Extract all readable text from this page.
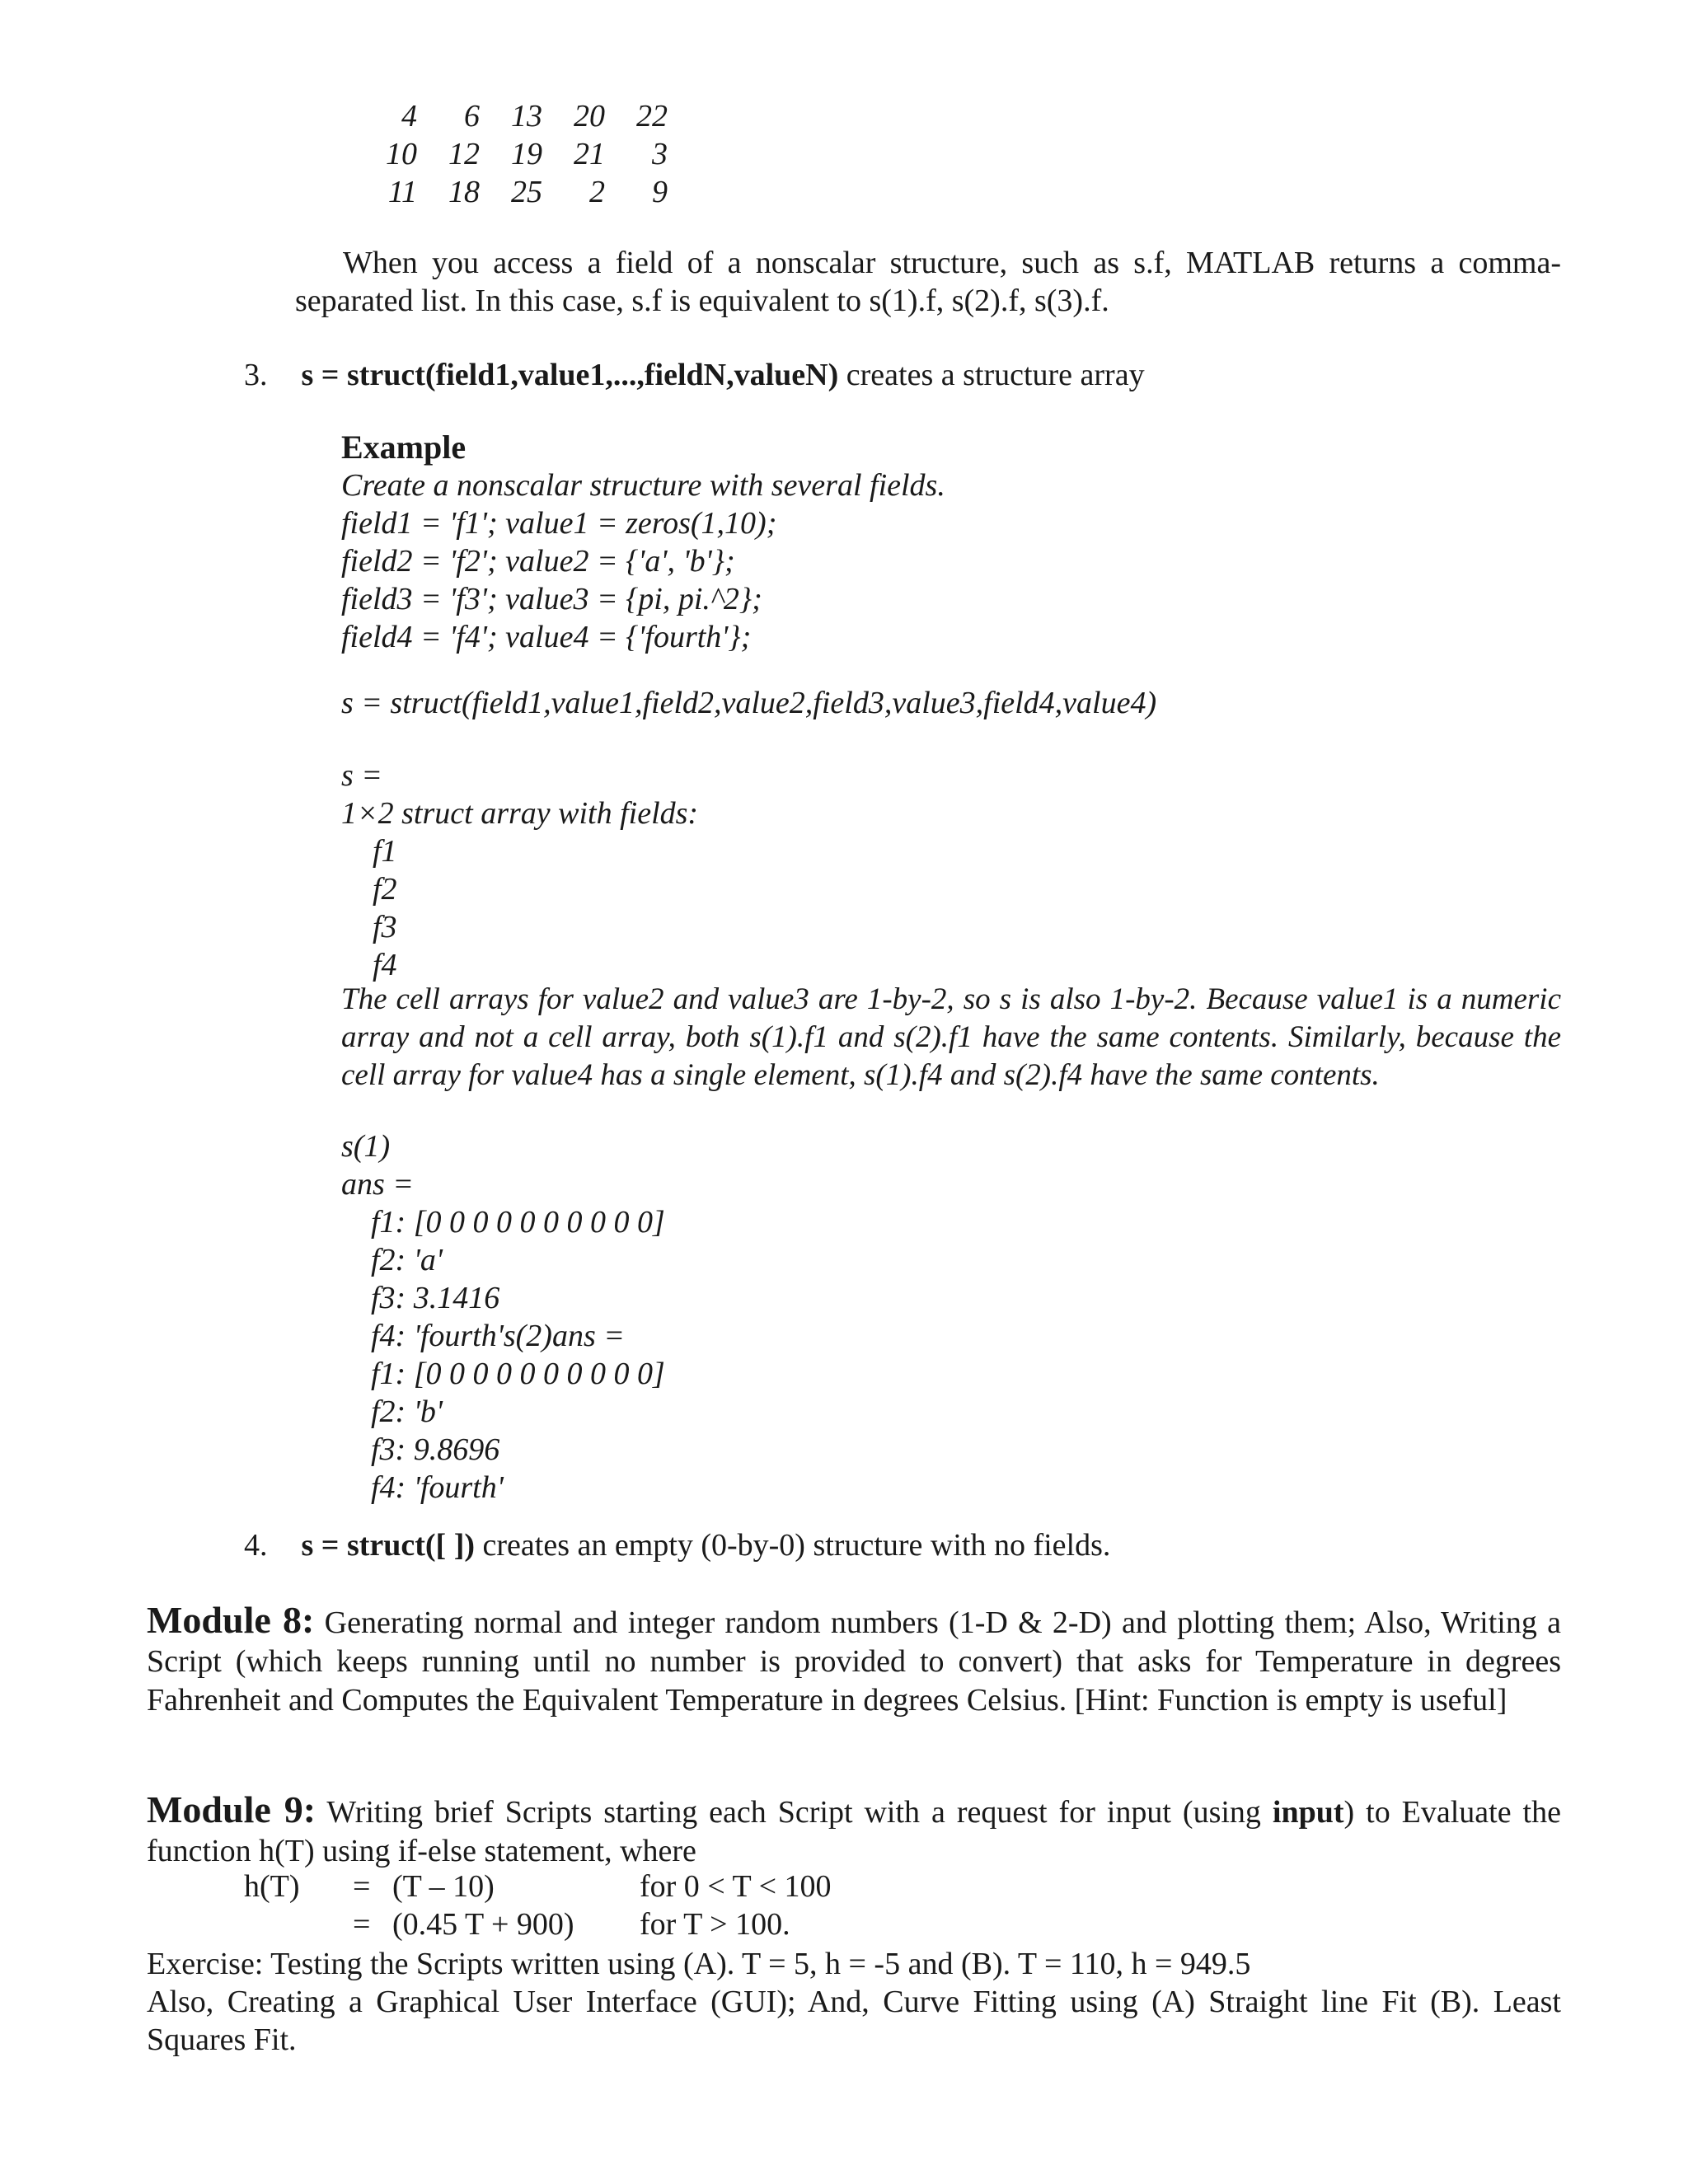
4	6	13	20	22
10	12	19	21	3
11	18	25	2	9
When you access a field of a nonscalar structure, such as s.f, MATLAB returns a comma-separated list. In this case, s.f is equivalent to s(1).f, s(2).f, s(3).f.
3. s = struct(field1,value1,...,fieldN,valueN) creates a structure array
Example
Create a nonscalar structure with several fields.
field1 = 'f1'; value1 = zeros(1,10);
field2 = 'f2'; value2 = {'a', 'b'};
field3 = 'f3'; value3 = {pi, pi.^2};
field4 = 'f4'; value4 = {'fourth'};
s = struct(field1,value1,field2,value2,field3,value3,field4,value4)
s =
1×2 struct array with fields:
f1
f2
f3
f4
The cell arrays for value2 and value3 are 1-by-2, so s is also 1-by-2. Because value1 is a numeric array and not a cell array, both s(1).f1 and s(2).f1 have the same contents. Similarly, because the cell array for value4 has a single element, s(1).f4 and s(2).f4 have the same contents.
s(1)
ans =
f1: [0 0 0 0 0 0 0 0 0 0]
f2: 'a'
f3: 3.1416
f4: 'fourth's(2)ans =
f1: [0 0 0 0 0 0 0 0 0 0]
f2: 'b'
f3: 9.8696
f4: 'fourth'
4. s = struct([ ]) creates an empty (0-by-0) structure with no fields.
Module 8: Generating normal and integer random numbers (1-D & 2-D) and plotting them; Also, Writing a Script (which keeps running until no number is provided to convert) that asks for Temperature in degrees Fahrenheit and Computes the Equivalent Temperature in degrees Celsius. [Hint: Function is empty is useful]
Module 9: Writing brief Scripts starting each Script with a request for input (using input) to Evaluate the function h(T) using if-else statement, where
h(T) = (T – 10)	for 0 < T < 100
= (0.45 T + 900) for T > 100.
Exercise: Testing the Scripts written using (A). T = 5, h = -5 and (B). T = 110, h = 949.5
Also, Creating a Graphical User Interface (GUI); And, Curve Fitting using (A) Straight line Fit (B). Least Squares Fit.
